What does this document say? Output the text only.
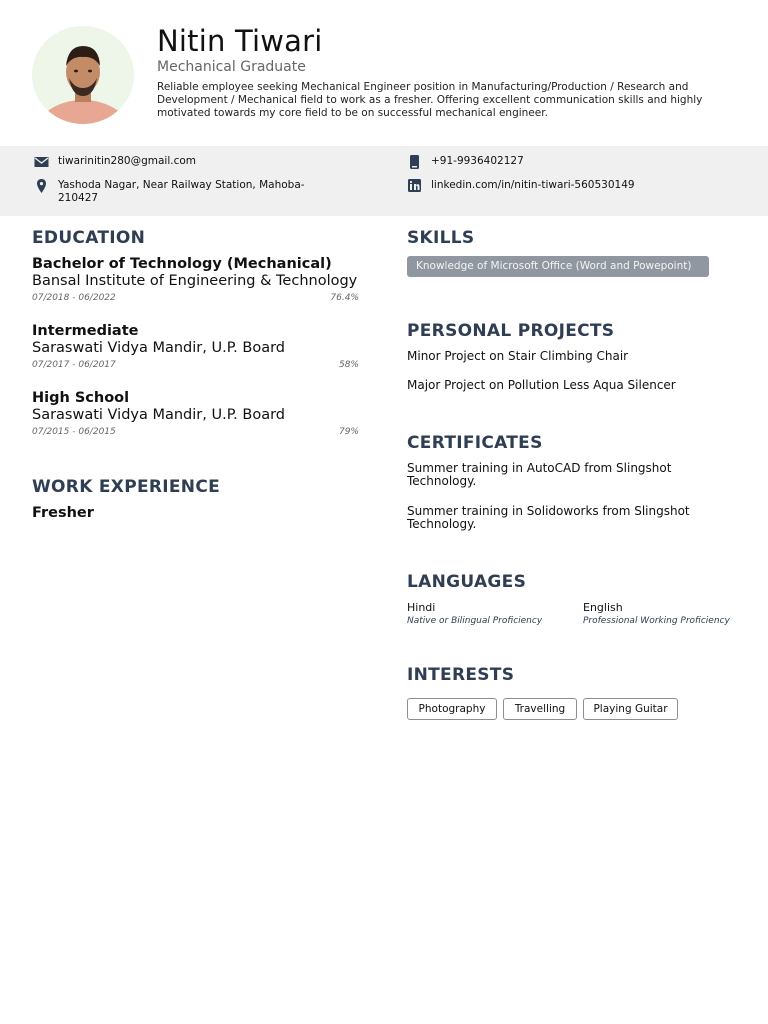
Nitin Tiwari
Mechanical Graduate
Reliable employee seeking Mechanical Engineer position in Manufacturing/Production / Research and Development / Mechanical field to work as a fresher. Offering excellent communication skills and highly motivated towards my core field to be on successful mechanical engineer.
tiwarinitin280@gmail.com	+91-9936402127
Yashoda Nagar, Near Railway Station, Mahoba-210427
linkedin.com/in/nitin-tiwari-560530149
EDUCATION
Bachelor of Technology (Mechanical)
Bansal Institute of Engineering & Technology
07/2018 - 06/2022	76.4%
Intermediate
Saraswati Vidya Mandir, U.P. Board
07/2017 - 06/2017	58%
High School
Saraswati Vidya Mandir, U.P. Board
07/2015 - 06/2015	79%
WORK EXPERIENCE
Fresher
SKILLS
Knowledge of Microsoft Office (Word and Powepoint)
PERSONAL PROJECTS
Minor Project on Stair Climbing Chair
Major Project on Pollution Less Aqua Silencer
CERTIFICATES
Summer training in AutoCAD from Slingshot Technology.
Summer training in Solidoworks from Slingshot Technology.
LANGUAGES
Hindi
Native or Bilingual Proficiency
English
Professional Working Proficiency
INTERESTS
Photography	Travelling	Playing Guitar
